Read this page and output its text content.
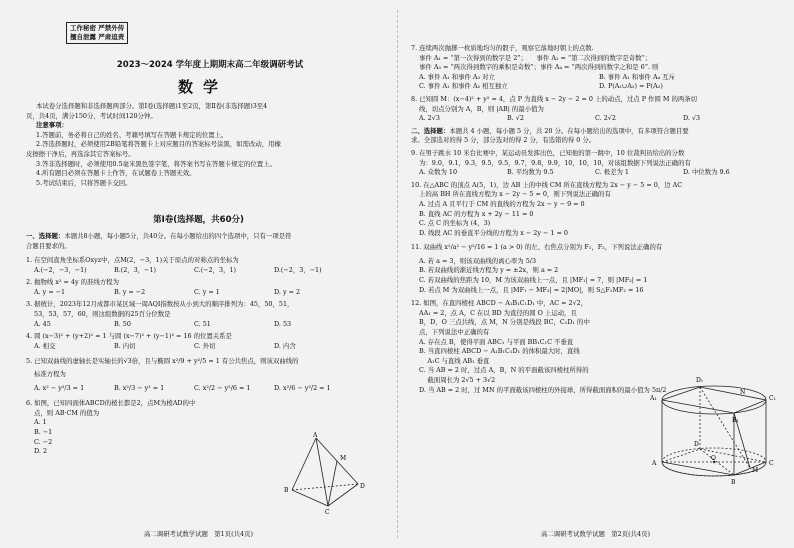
工作秘密 严禁外传
擅自泄露 严肃追责
2023～2024 学年度上期期末高二年级调研考试
数学
本试卷分选择题和非选择题两部分。第Ⅰ卷(选择题)1至2页，第Ⅱ卷(非选择题)3至4
页，共4页，满分150分，考试时间120分钟。
注意事项：
1.答题前，务必将自己的姓名、考籍号填写在答题卡规定的位置上。
2.答选择题时，必须使用2B铅笔将答题卡上对应题目的答案标号涂黑，如需改动，用橡
皮擦擦干净后，再选涂其它答案标号。
3.答非选择题时，必须使用0.5毫米黑色签字笔，将答案书写在答题卡规定的位置上。
4.所有题目必须在答题卡上作答，在试题卷上答题无效。
5.考试结束后，只将答题卡交回。
第Ⅰ卷(选择题，共60分)
一、选择题：本题共8小题，每小题5分，共40分。在每小题给出的四个选项中，只有一项是符
合题目要求的。
1. 在空间直角坐标系Oxyz中，点M(2，−3，1)关于原点的对称点的坐标为
A.(−2，−3，−1)	B.(2，3，−1)	C.(−2，3，1)	D.(−2，3，−1)
2. 抛物线 x² = 4y 的准线方程为
A. y = −1	B. y = −2	C. y = 1	D. y = 2
3. 据统计，2023年12月成都市某区域一周AQI指数按从小到大的顺序排列为：45，50，51，
53，53，57，60，则这组数据的25百分位数是
A. 45	B. 50	C. 51	D. 53
4. 圆 (x−3)² + (y+2)² = 1 与圆 (x−7)² + (y−1)² = 16 的位置关系是
A. 相交	B. 内切	C. 外切	D. 内含
5. 已知双曲线的虚轴长是实轴长的√3倍，且与椭圆 x²/9 + y²/5 = 1 有公共焦点，则该双曲线的
标准方程为
A. x² − y²/3 = 1	B. x²/3 − y² = 1	C. x²/2 − y²/6 = 1	D. x²/6 − y²/2 = 1
6. 如图，已知四面体ABCD的棱长都是2，点M为棱AD的中
点，则 AB·CM 的值为
A. 1
B. −1
C. −2
D. 2
A
B
C
D
M
高二调研考试数学试题　第1页(共4页)
7. 连续两次抛掷一枚质地均匀的骰子，观察它落地时朝上的点数.
事件 A₁ = “第一次得到的数字是 2”；　　事件 A₂ = “第二次得到的数字是奇数”；
事件 A₃ = “两次得到数字的乘积是奇数”；事件 A₄ = “两次得到的数字之和是 6”. 则
A. 事件 A₁ 和事件 A₃ 对立	B. 事件 A₁ 和事件 A₄ 互斥
C. 事件 A₁ 和事件 A₂ 相互独立	D. P(A₁∪A₂) = P(A₂)
8. 已知圆 M：(x−4)² + y² = 4，点 P 为直线 x − 2y − 2 = 0 上的动点，过点 P 作圆 M 的两条切
线，切点分别为 A，B，则 |AB| 的最小值为
A. 2√3	B. √2	C. 2√2	D. √3
二、选择题：本题共 4 小题，每小题 5 分，共 20 分。在每小题给出的选项中，有多项符合题目要
求。全部选对的得 5 分，部分选对的得 2 分，有选错的得 0 分。
9. 在男子跳水 10 米台比赛中，某运动员发挥出色，已知他的第一跳中，10 位裁判员给出的分数
为：9.0，9.1，9.3，9.5，9.5，9.7，9.8，9.9，10，10，10，对该组数据下列说法正确的有
A. 众数为 10	B. 平均数为 9.5	C. 极差为 1	D. 中位数为 9.6
10. 在△ABC 的顶点 A(5，1)，边 AB 上的中线 CM 所在直线方程为 2x − y − 5 = 0，边 AC
上的高 BH 所在直线方程为 x − 2y − 5 = 0，则下列说法正确的有
A. 过点 A 且平行于 CM 的直线的方程为 2x − y − 9 = 0
B. 直线 AC 的方程为 x + 2y − 11 = 0
C. 点 C 的坐标为 (4，3)
D. 线段 AC 的垂直平分线的方程为 x − 2y − 1 = 0
11. 双曲线 x²/a² − y²/16 = 1 (a > 0) 的左、右焦点分别为 F₁，F₂，下列说法正确的有
A. 若 a = 3，则该双曲线的离心率为 5/3
B. 若双曲线的渐近线方程为 y = ±2x，则 a = 2
C. 若双曲线的焦距为 10，M 为该双曲线上一点，且 |MF₁| = 7，则 |MF₂| = 1
D. 若点 M 为双曲线上一点，且 |MF₁ − MF₂| = 2|MO|，则 S△F₁MF₂ = 16
12. 如图，在直四棱柱 ABCD − A₁B₁C₁D₁ 中，AC = 2√2，
AA₁ = 2，点 A，C 在以 BD 为直径的圆 O 上运动，且
B，D，O 三点共线，点 M，N 分别是线段 BC，C₁D₁ 的中
点，下列说法中正确的有
A. 存在点 B，使得平面 ABC₁ 与平面 BB₁C₁C 不垂直
B. 当直四棱柱 ABCD − A₁B₁C₁D₁ 的体积最大时，直线
　 A₁C 与直线 AB₁ 垂直
C. 当 AB = 2 时，过点 A，B，N 的平面截该四棱柱所得的
　 截面周长为 2√5 + 3√2
D. 当 AB = 2 时，过 MN 的平面截该四棱柱的外接球，所得截面面积的最小值为 5π/2
D₁
A₁	C₁
B₁
N
D
A
O
C
M
B
高二调研考试数学试题　第2页(共4页)
